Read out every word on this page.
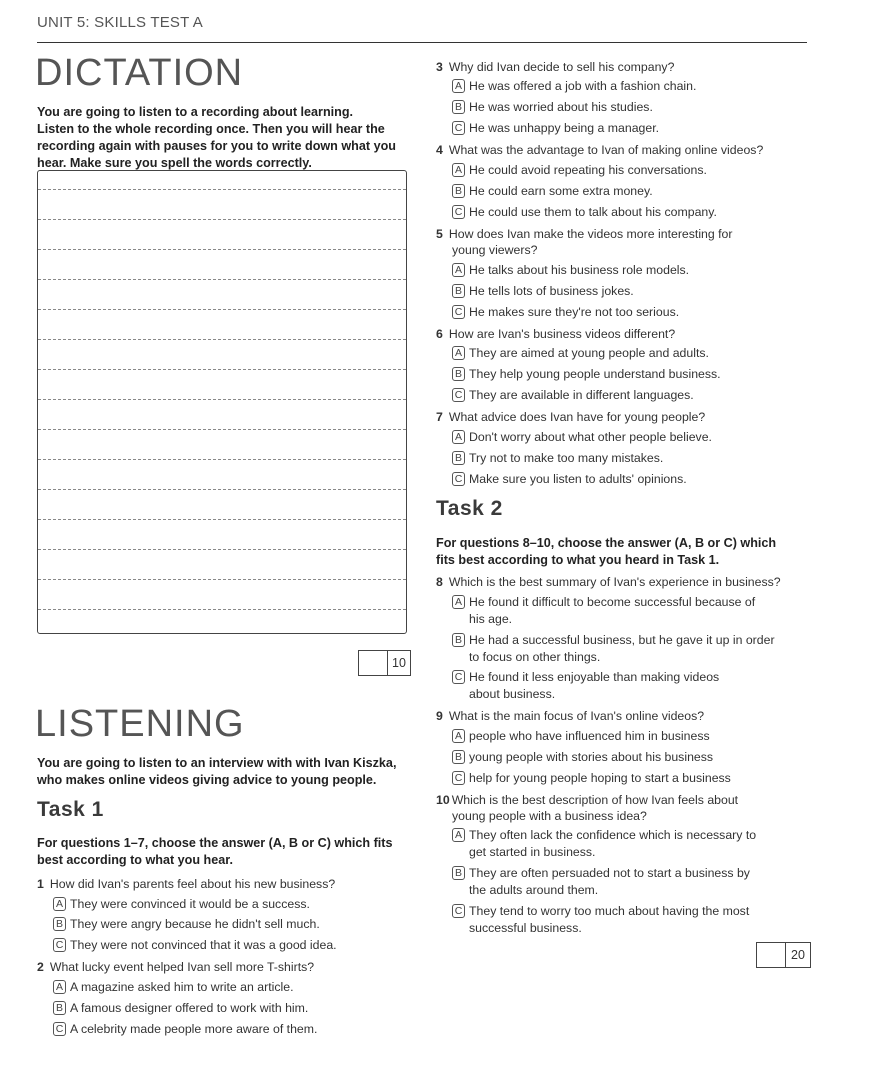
UNIT 5: SKILLS TEST A
DICTATION
You are going to listen to a recording about learning.
Listen to the whole recording once. Then you will hear the
recording again with pauses for you to write down what you
hear. Make sure you spell the words correctly.
10
LISTENING
You are going to listen to an interview with with Ivan Kiszka,
who makes online videos giving advice to young people.
Task 1
For questions 1–7, choose the answer (A, B or C) which fits
best according to what you hear.
1 How did Ivan's parents feel about his new business?
A They were convinced it would be a success.
B They were angry because he didn't sell much.
C They were not convinced that it was a good idea.
2 What lucky event helped Ivan sell more T-shirts?
A A magazine asked him to write an article.
B A famous designer offered to work with him.
C A celebrity made people more aware of them.
3 Why did Ivan decide to sell his company?
A He was offered a job with a fashion chain.
B He was worried about his studies.
C He was unhappy being a manager.
4 What was the advantage to Ivan of making online videos?
A He could avoid repeating his conversations.
B He could earn some extra money.
C He could use them to talk about his company.
5 How does Ivan make the videos more interesting for
young viewers?
A He talks about his business role models.
B He tells lots of business jokes.
C He makes sure they're not too serious.
6 How are Ivan's business videos different?
A They are aimed at young people and adults.
B They help young people understand business.
C They are available in different languages.
7 What advice does Ivan have for young people?
A Don't worry about what other people believe.
B Try not to make too many mistakes.
C Make sure you listen to adults' opinions.
Task 2
For questions 8–10, choose the answer (A, B or C) which
fits best according to what you heard in Task 1.
8 Which is the best summary of Ivan's experience in business?
A He found it difficult to become successful because of
his age.
B He had a successful business, but he gave it up in order
to focus on other things.
C He found it less enjoyable than making videos
about business.
9 What is the main focus of Ivan's online videos?
A people who have influenced him in business
B young people with stories about his business
C help for young people hoping to start a business
10 Which is the best description of how Ivan feels about
young people with a business idea?
A They often lack the confidence which is necessary to
get started in business.
B They are often persuaded not to start a business by
the adults around them.
C They tend to worry too much about having the most
successful business.
20
